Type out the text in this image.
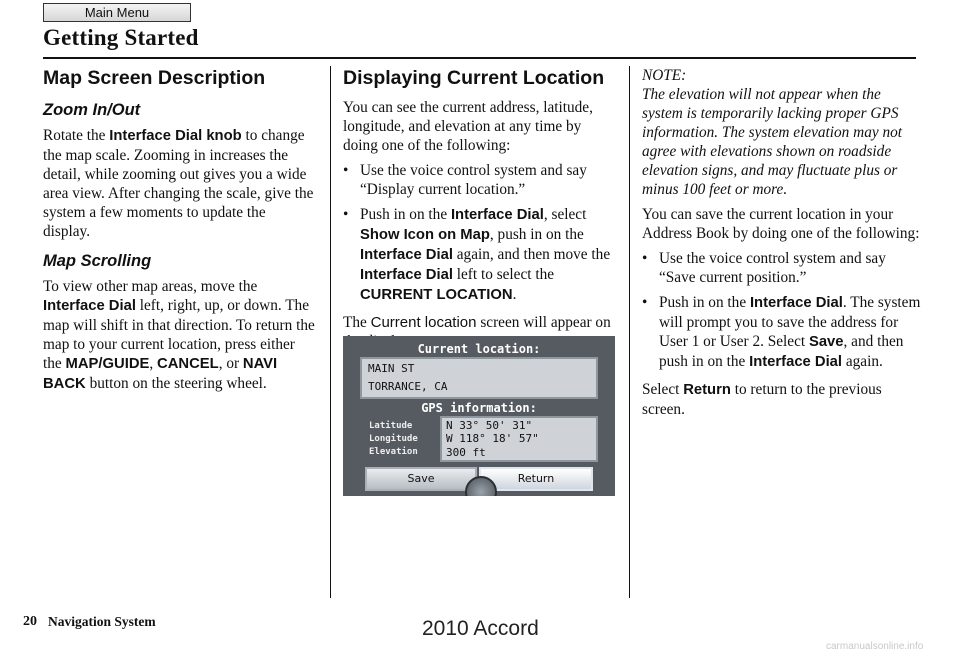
Main Menu
Getting Started
Map Screen Description
Zoom In/Out

Rotate the Interface Dial knob to change the map scale. Zooming in increases the detail, while zooming out gives you a wide area view. After changing the scale, give the system a few moments to update the display.

Map Scrolling

To view other map areas, move the Interface Dial left, right, up, or down. The map will shift in that direction. To return the map to your current location, press either the MAP/GUIDE, CANCEL, or NAVI BACK button on the steering wheel.

Displaying Current Location

You can see the current address, latitude, longitude, and elevation at any time by doing one of the following:

• Use the voice control system and say “Display current location.”
• Push in on the Interface Dial, select Show Icon on Map, push in on the Interface Dial again, and then move the Interface Dial left to select the CURRENT LOCATION.

The Current location screen will appear on

Current location:
MAIN ST
TORRANCE, CA
GPS information:
Latitude
Longitude
Elevation
N 33° 50' 31"
W 118° 18' 57"
300 ft
Save	Return

NOTE:

The elevation will not appear when the system is temporarily lacking proper GPS information. The system elevation may not agree with elevations shown on roadside elevation signs, and may fluctuate plus or minus 100 feet or more.

You can save the current location in your Address Book by doing one of the following:

• Use the voice control system and say “Save current position.”
• Push in on the Interface Dial. The system will prompt you to save the address for User 1 or User 2. Select Save, and then push in on the Interface Dial again.

Select Return to return to the previous screen.

20 Navigation System	2010 Accord
carmanualsonline.info
